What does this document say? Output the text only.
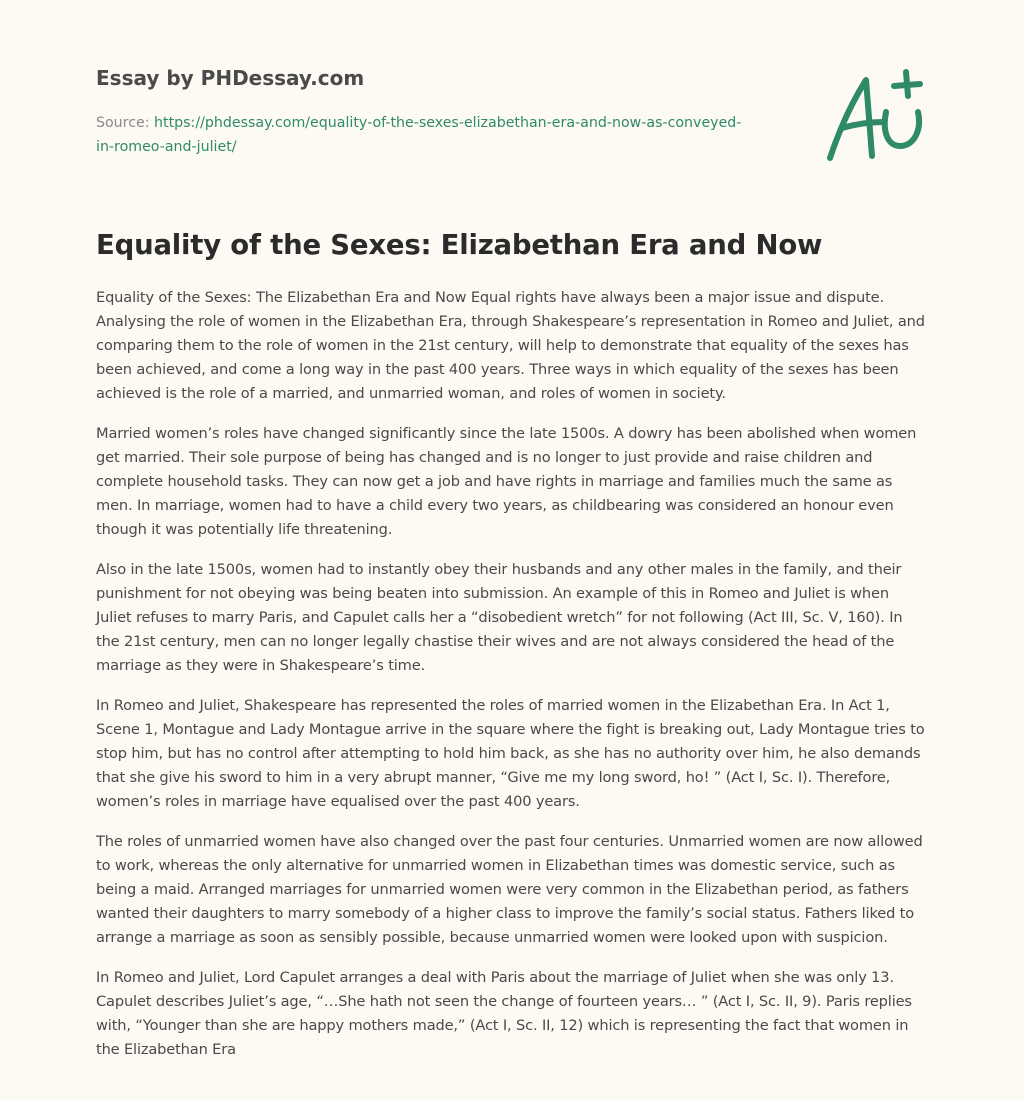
Essay by PHDessay.com
Source: https://phdessay.com/equality-of-the-sexes-elizabethan-era-and-now-as-conveyed-in-romeo-and-juliet/
Equality of the Sexes: Elizabethan Era and Now

Equality of the Sexes: The Elizabethan Era and Now Equal rights have always been a major issue and dispute. Analysing the role of women in the Elizabethan Era, through Shakespeare’s representation in Romeo and Juliet, and comparing them to the role of women in the 21st century, will help to demonstrate that equality of the sexes has been achieved, and come a long way in the past 400 years. Three ways in which equality of the sexes has been achieved is the role of a married, and unmarried woman, and roles of women in society.

Married women’s roles have changed significantly since the late 1500s. A dowry has been abolished when women get married. Their sole purpose of being has changed and is no longer to just provide and raise children and complete household tasks. They can now get a job and have rights in marriage and families much the same as men. In marriage, women had to have a child every two years, as childbearing was considered an honour even though it was potentially life threatening.

Also in the late 1500s, women had to instantly obey their husbands and any other males in the family, and their punishment for not obeying was being beaten into submission. An example of this in Romeo and Juliet is when Juliet refuses to marry Paris, and Capulet calls her a “disobedient wretch” for not following (Act III, Sc. V, 160). In the 21st century, men can no longer legally chastise their wives and are not always considered the head of the marriage as they were in Shakespeare’s time.

In Romeo and Juliet, Shakespeare has represented the roles of married women in the Elizabethan Era. In Act 1, Scene 1, Montague and Lady Montague arrive in the square where the fight is breaking out, Lady Montague tries to stop him, but has no control after attempting to hold him back, as she has no authority over him, he also demands that she give his sword to him in a very abrupt manner, “Give me my long sword, ho! ” (Act I, Sc. I). Therefore, women’s roles in marriage have equalised over the past 400 years.

The roles of unmarried women have also changed over the past four centuries. Unmarried women are now allowed to work, whereas the only alternative for unmarried women in Elizabethan times was domestic service, such as being a maid. Arranged marriages for unmarried women were very common in the Elizabethan period, as fathers wanted their daughters to marry somebody of a higher class to improve the family’s social status. Fathers liked to arrange a marriage as soon as sensibly possible, because unmarried women were looked upon with suspicion.

In Romeo and Juliet, Lord Capulet arranges a deal with Paris about the marriage of Juliet when she was only 13. Capulet describes Juliet’s age, “…She hath not seen the change of fourteen years… ” (Act I, Sc. II, 9). Paris replies with, “Younger than she are happy mothers made,” (Act I, Sc. II, 12) which is representing the fact that women in the Elizabethan Era
